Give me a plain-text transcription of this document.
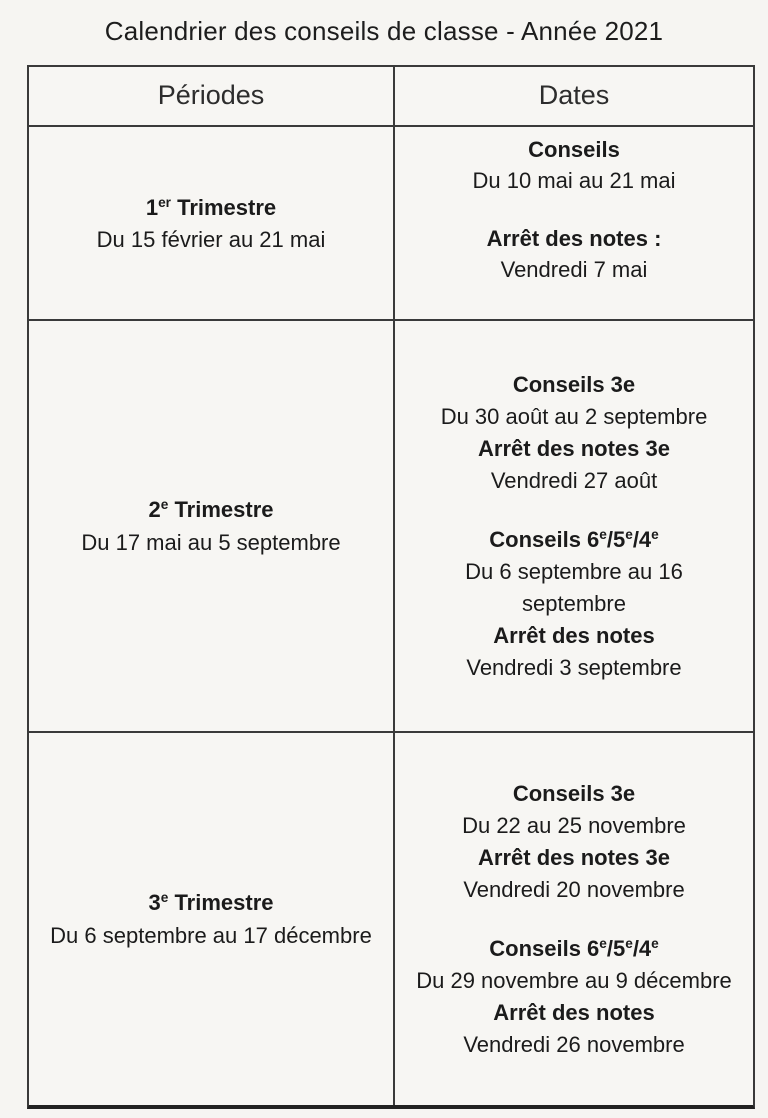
Calendrier des conseils de classe - Année 2021
Périodes	Dates
1er Trimestre
Du 15 février au 21 mai
Conseils
Du 10 mai au 21 mai
Arrêt des notes :
Vendredi 7 mai
2e Trimestre
Du 17 mai au 5 septembre
Conseils 3e
Du 30 août au 2 septembre
Arrêt des notes 3e
Vendredi 27 août
Conseils 6e/5e/4e
Du 6 septembre au 16
septembre
Arrêt des notes
Vendredi 3 septembre
3e Trimestre
Du 6 septembre au 17 décembre
Conseils 3e
Du 22 au 25 novembre
Arrêt des notes 3e
Vendredi 20 novembre
Conseils 6e/5e/4e
Du 29 novembre au 9 décembre
Arrêt des notes
Vendredi 26 novembre
